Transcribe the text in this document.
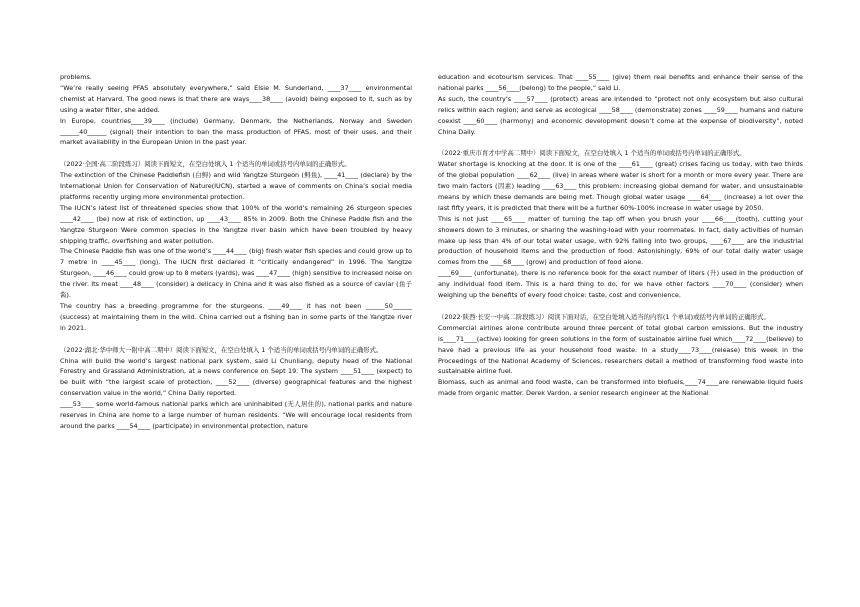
problems.

“We’re really seeing PFAS absolutely everywhere,” said Elsie M. Sunderland, ____37____ environmental chemist at Harvard. The good news is that there are ways____38____ (avoid) being exposed to it, such as by using a water filter, she added.

In Europe, countries____39____ (include) Germany, Denmark, the Netherlands, Norway and Sweden ______40______ (signal) their intention to ban the mass production of PFAS, most of their uses, and their market availability in the European Union in the past year.

（2022·全国·高二阶段练习）阅读下面短文，在空白处填入 1 个适当的单词或括号内单词的正确形式。

The extinction of the Chinese Paddlefish (白鲟) and wild Yangtze Sturgeon (鲟鱼), ____41____ (declare) by the International Union for Conservation of Nature(IUCN), started a wave of comments on China’s social media platforms recently urging more environmental protection.

The IUCN’s latest list of threatened species show that 100% of the world’s remaining 26 sturgeon species ____42____ (be) now at risk of extinction, up ____43____ 85% in 2009. Both the Chinese Paddle fish and the Yangtze Sturgeon Were common species in the Yangtze river basin which have been troubled by heavy shipping traffic, overfishing and water pollution.

The Chinese Paddle fish was one of the world’s ____44____ (big) fresh water fish species and could grow up to 7 metre in ____45____ (long). The IUCN first declared it “critically endangered” in 1996. The Yangtze Sturgeon, ____46____ could grow up to 8 meters (yards), was ____47____ (high) sensitive to increased noise on the river. Its meat ____48____ (consider) a delicacy in China and it was also fished as a source of caviar (鱼子酱).

The country has a breeding programme for the sturgeons. ____49____ it has not been ______50______ (success) at maintaining them in the wild. China carried out a fishing ban in some parts of the Yangtze river in 2021.

（2022·湖北·华中师大一附中高二期中）阅读下面短文，在空白处填入 1 个适当的单词或括号内单词的正确形式。

China will build the world’s largest national park system, said Li Chunliang, deputy head of the National Forestry and Grassland Administration, at a news conference on Sept 19. The system ____51____ (expect) to be built with “the largest scale of protection, ____52____ (diverse) geographical features and the highest conservation value in the world,” China Daily reported.

____53____ some world-famous national parks which are uninhabited (无人居住的), national parks and nature reserves in China are home to a large number of human residents. “We will encourage local residents from around the parks ____54____ (participate) in environmental protection, nature

education and ecotourism services. That ____55____ (give) them real benefits and enhance their sense of the national parks ____56____(belong) to the people,” said Li.

As such, the country’s ____57____ (protect) areas are intended to “protect not only ecosystem but also cultural relics within each region; and serve as ecological ____58____ (demonstrate) zones ____59____ humans and nature coexist ____60____ (harmony) and economic development doesn’t come at the expense of biodiversity”, noted China Daily.

（2022·重庆市育才中学高二期中）阅读下面短文，在空白处填入 1 个适当的单词或括号内单词的正确形式。

Water shortage is knocking at the door. It is one of the ____61____ (great) crises facing us today, with two thirds of the global population ____62____ (live) in areas where water is short for a month or more every year. There are two main factors (因素) leading ____63____ this problem: increasing global demand for water, and unsustainable means by which these demands are being met. Though global water usage ____64____ (increase) a lot over the last fifty years, it is predicted that there will be a further 60%-100% increase in water usage by 2050.

This is not just ____65____ matter of turning the tap off when you brush your ____66____(tooth), cutting your showers down to 3 minutes, or sharing the washing-load with your roommates. In fact, daily activities of human make up less than 4% of our total water usage, with 92% falling into two groups, ____67____ are the industrial production of household items and the production of food. Astonishingly, 69% of our total daily water usage comes from the ____68____ (grow) and production of food alone.

____69____ (unfortunate), there is no reference book for the exact number of liters (升) used in the production of any individual food item. This is a hard thing to do, for we have other factors ____70____ (consider) when weighing up the benefits of every food choice: taste, cost and convenience.

（2022·陕西·长安一中高二阶段练习）阅读下面对话，在空白处填入适当的内容(1 个单词)或括号内单词的正确形式。

Commercial airlines alone contribute around three percent of total global carbon emissions. But the industry is____71____(active) looking for green solutions in the form of sustainable airline fuel which____72____(believe) to have had a previous life as your household food waste. In a study____73____(release) this week in the Proceedings of the National Academy of Sciences, researchers detail a method of transforming food waste into sustainable airline fuel.

Biomass, such as animal and food waste, can be transformed into biofuels,____74____are renewable liquid fuels made from organic matter. Derek Vardon, a senior research engineer at the National
